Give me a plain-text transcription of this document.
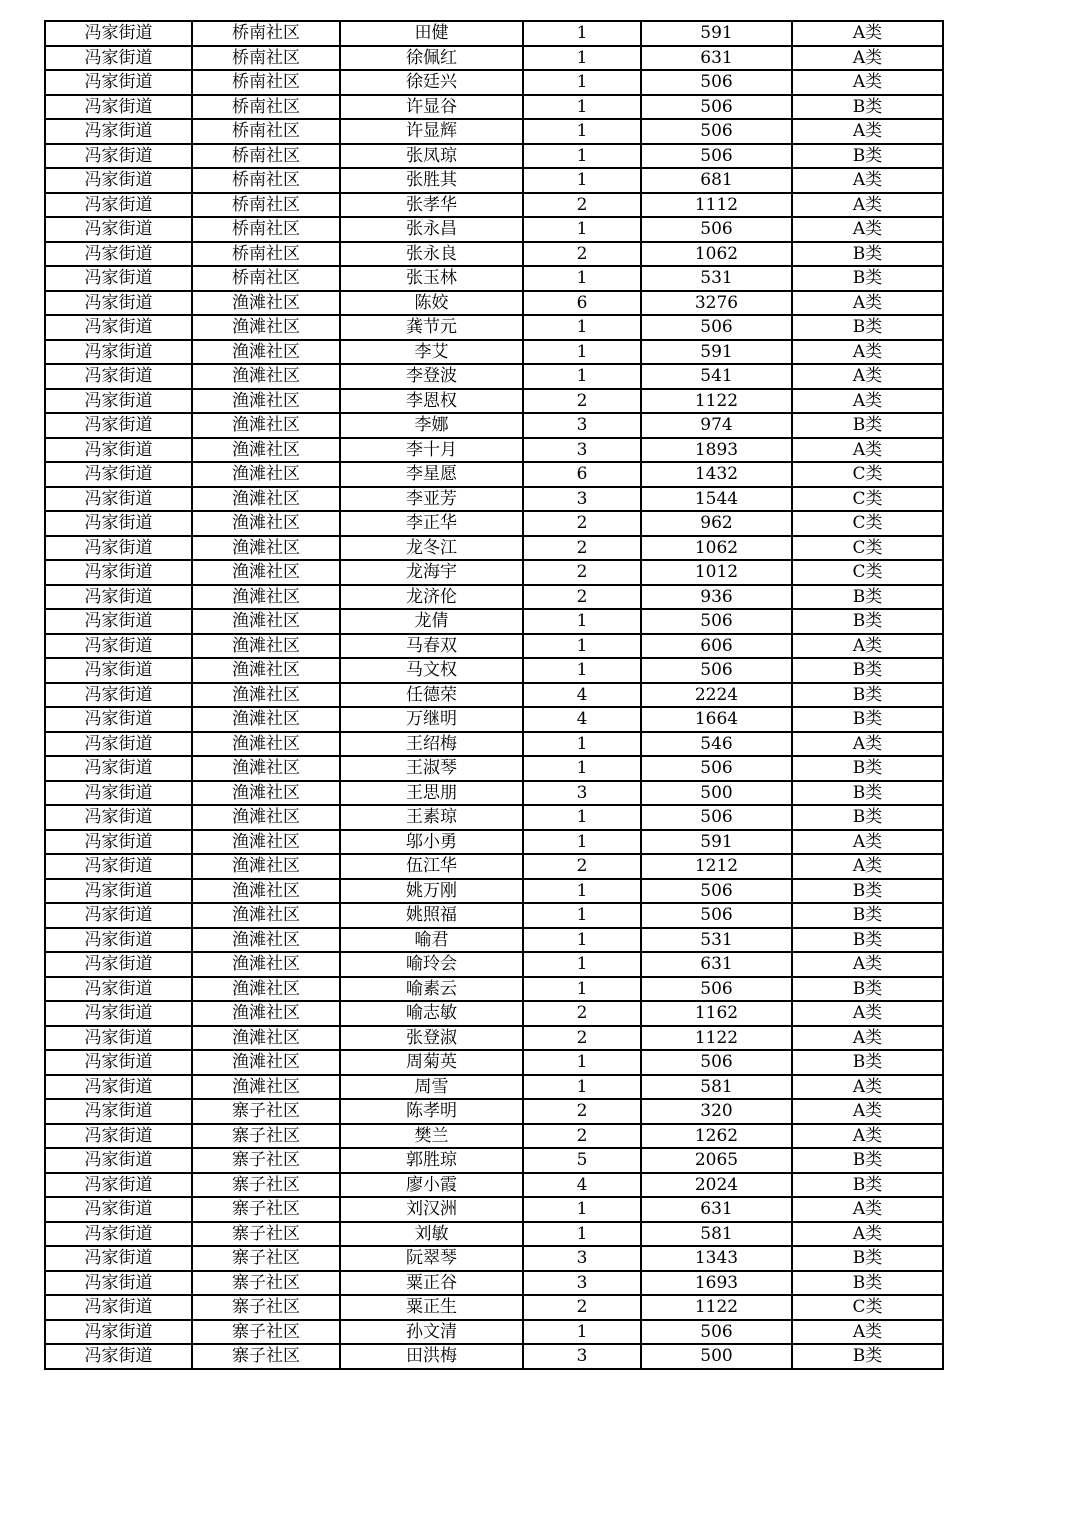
冯家街道	桥南社区	田健	1	591	A类
冯家街道	桥南社区	徐佩红	1	631	A类
冯家街道	桥南社区	徐廷兴	1	506	A类
冯家街道	桥南社区	许显谷	1	506	B类
冯家街道	桥南社区	许显辉	1	506	A类
冯家街道	桥南社区	张凤琼	1	506	B类
冯家街道	桥南社区	张胜其	1	681	A类
冯家街道	桥南社区	张孝华	2	1112	A类
冯家街道	桥南社区	张永昌	1	506	A类
冯家街道	桥南社区	张永良	2	1062	B类
冯家街道	桥南社区	张玉林	1	531	B类
冯家街道	渔滩社区	陈姣	6	3276	A类
冯家街道	渔滩社区	龚节元	1	506	B类
冯家街道	渔滩社区	李艾	1	591	A类
冯家街道	渔滩社区	李登波	1	541	A类
冯家街道	渔滩社区	李恩权	2	1122	A类
冯家街道	渔滩社区	李娜	3	974	B类
冯家街道	渔滩社区	李十月	3	1893	A类
冯家街道	渔滩社区	李星愿	6	1432	C类
冯家街道	渔滩社区	李亚芳	3	1544	C类
冯家街道	渔滩社区	李正华	2	962	C类
冯家街道	渔滩社区	龙冬江	2	1062	C类
冯家街道	渔滩社区	龙海宇	2	1012	C类
冯家街道	渔滩社区	龙济伦	2	936	B类
冯家街道	渔滩社区	龙倩	1	506	B类
冯家街道	渔滩社区	马春双	1	606	A类
冯家街道	渔滩社区	马文权	1	506	B类
冯家街道	渔滩社区	任德荣	4	2224	B类
冯家街道	渔滩社区	万继明	4	1664	B类
冯家街道	渔滩社区	王绍梅	1	546	A类
冯家街道	渔滩社区	王淑琴	1	506	B类
冯家街道	渔滩社区	王思朋	3	500	B类
冯家街道	渔滩社区	王素琼	1	506	B类
冯家街道	渔滩社区	邬小勇	1	591	A类
冯家街道	渔滩社区	伍江华	2	1212	A类
冯家街道	渔滩社区	姚万刚	1	506	B类
冯家街道	渔滩社区	姚照福	1	506	B类
冯家街道	渔滩社区	喻君	1	531	B类
冯家街道	渔滩社区	喻玲会	1	631	A类
冯家街道	渔滩社区	喻素云	1	506	B类
冯家街道	渔滩社区	喻志敏	2	1162	A类
冯家街道	渔滩社区	张登淑	2	1122	A类
冯家街道	渔滩社区	周菊英	1	506	B类
冯家街道	渔滩社区	周雪	1	581	A类
冯家街道	寨子社区	陈孝明	2	320	A类
冯家街道	寨子社区	樊兰	2	1262	A类
冯家街道	寨子社区	郭胜琼	5	2065	B类
冯家街道	寨子社区	廖小霞	4	2024	B类
冯家街道	寨子社区	刘汉洲	1	631	A类
冯家街道	寨子社区	刘敏	1	581	A类
冯家街道	寨子社区	阮翠琴	3	1343	B类
冯家街道	寨子社区	粟正谷	3	1693	B类
冯家街道	寨子社区	粟正生	2	1122	C类
冯家街道	寨子社区	孙文清	1	506	A类
冯家街道	寨子社区	田洪梅	3	500	B类
